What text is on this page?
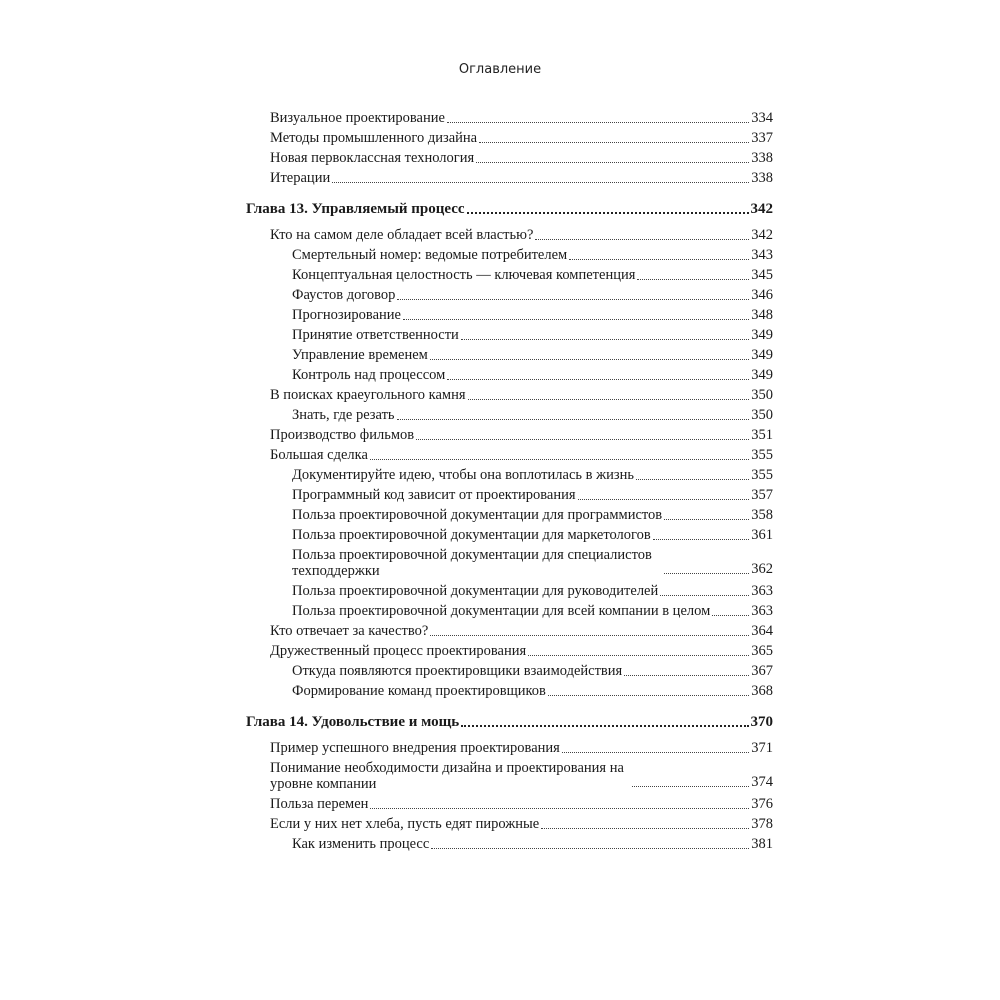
Оглавление
Визуальное проектирование	334
Методы промышленного дизайна	337
Новая первоклассная технология	338
Итерации	338
Глава 13. Управляемый процесс	342
Кто на самом деле обладает всей властью?	342
Смертельный номер: ведомые потребителем	343
Концептуальная целостность — ключевая компетенция	345
Фаустов договор	346
Прогнозирование	348
Принятие ответственности	349
Управление временем	349
Контроль над процессом	349
В поисках краеугольного камня	350
Знать, где резать	350
Производство фильмов	351
Большая сделка	355
Документируйте идею, чтобы она воплотилась в жизнь	355
Программный код зависит от проектирования	357
Польза проектировочной документации для программистов	358
Польза проектировочной документации для маркетологов	361
Польза проектировочной документации для специалистов техподдержки	362
Польза проектировочной документации для руководителей	363
Польза проектировочной документации для всей компании в целом	363
Кто отвечает за качество?	364
Дружественный процесс проектирования	365
Откуда появляются проектировщики взаимодействия	367
Формирование команд проектировщиков	368
Глава 14. Удовольствие и мощь	370
Пример успешного внедрения проектирования	371
Понимание необходимости дизайна и проектирования на уровне компании	374
Польза перемен	376
Если у них нет хлеба, пусть едят пирожные	378
Как изменить процесс	381
